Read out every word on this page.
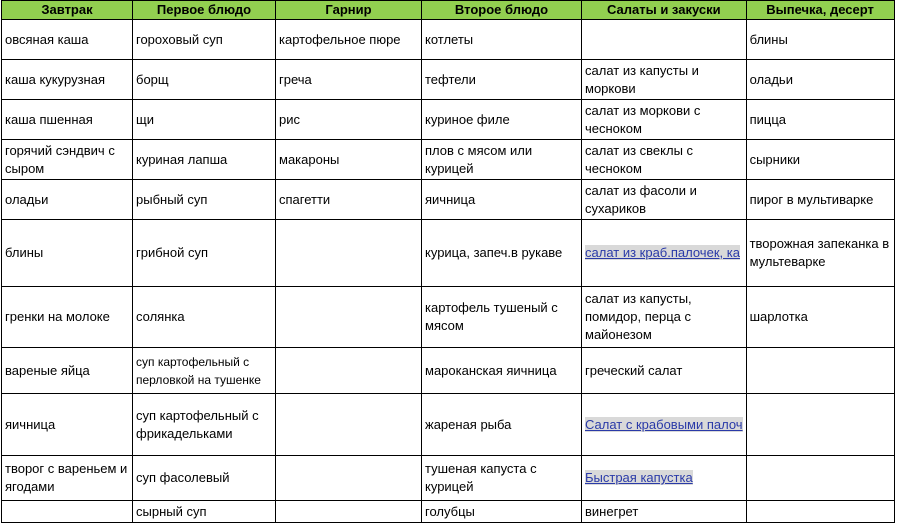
Завтрак	Первое блюдо	Гарнир	Второе блюдо	Салаты и закуски	Выпечка, десерт
овсяная каша	гороховый суп	картофельное пюре	котлеты		блины
каша кукурузная	борщ	греча	тефтели	салат из капусты и моркови	оладьи
каша пшенная	щи	рис	куриное филе	салат из моркови с чесноком	пицца
горячий сэндвич с сыром	куриная лапша	макароны	плов с мясом или курицей	салат из свеклы с чесноком	сырники
оладьи	рыбный суп	спагетти	яичница	салат из фасоли и сухариков	пирог в мультиварке
блины	грибной суп		курица, запеч.в рукаве	салат из краб.палочек, ка	творожная запеканка в мультеварке
гренки на молоке	солянка		картофель тушеный с мясом	салат из капусты, помидор, перца с майонезом	шарлотка
вареные яйца	суп картофельный с перловкой на тушенке		мароканская яичница	греческий салат	
яичница	суп картофельный с фрикадельками		жареная рыба	Салат с крабовыми палоч	
творог с вареньем и ягодами	суп фасолевый		тушеная капуста с курицей	Быстрая капустка	
	сырный суп		голубцы	винегрет	
